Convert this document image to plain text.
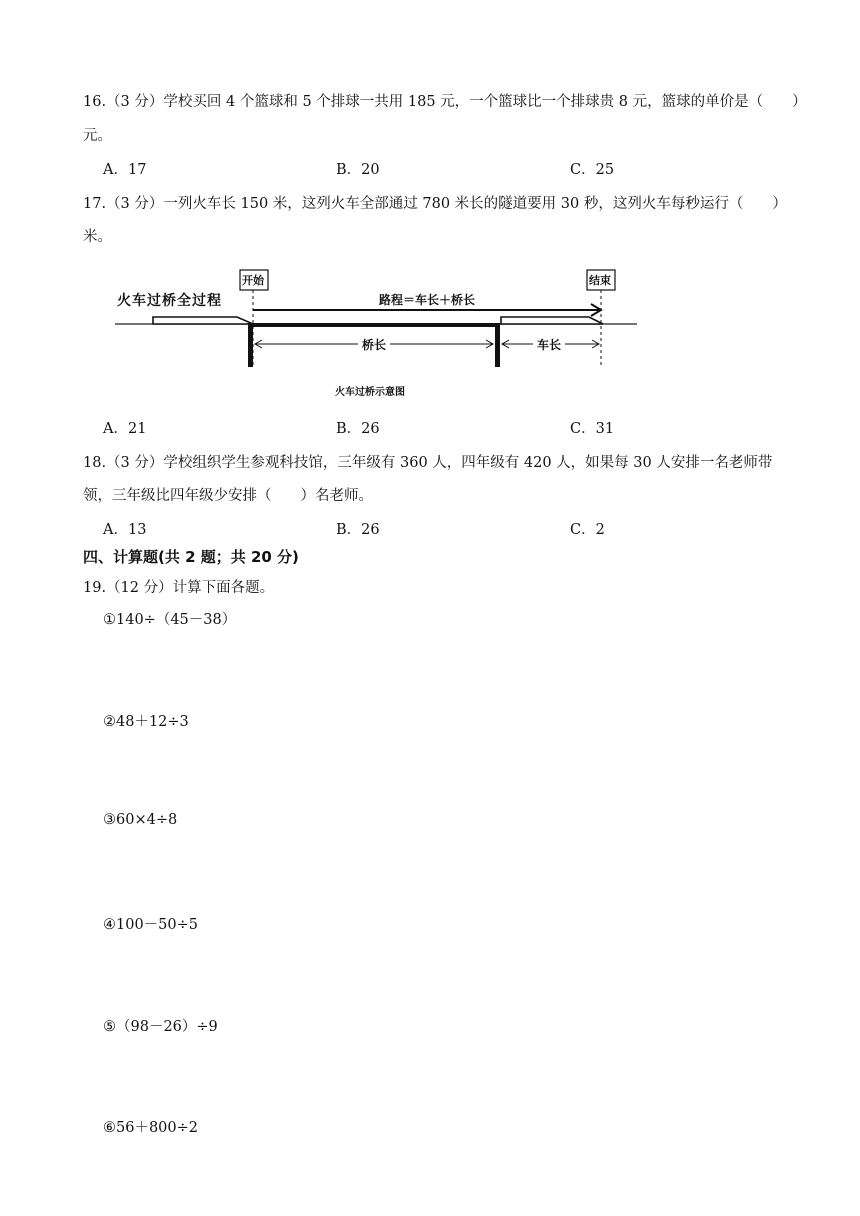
16.（3 分）学校买回 4 个篮球和 5 个排球一共用 185 元，一个篮球比一个排球贵 8 元，篮球的单价是（　　）
元。
A．17	B．20	C．25
17.（3 分）一列火车长 150 米，这列火车全部通过 780 米长的隧道要用 30 秒，这列火车每秒运行（　　）
米。
火车过桥全过程
开始	结束
路程＝车长＋桥长
桥长	车长
火车过桥示意图
A．21	B．26	C．31
18.（3 分）学校组织学生参观科技馆，三年级有 360 人，四年级有 420 人，如果每 30 人安排一名老师带
领，三年级比四年级少安排（　　）名老师。
A．13	B．26	C．2
四、计算题(共 2 题；共 20 分)
19.（12 分）计算下面各题。
①140÷（45－38）
②48＋12÷3
③60×4÷8
④100－50÷5
⑤（98－26）÷9
⑥56＋800÷2
